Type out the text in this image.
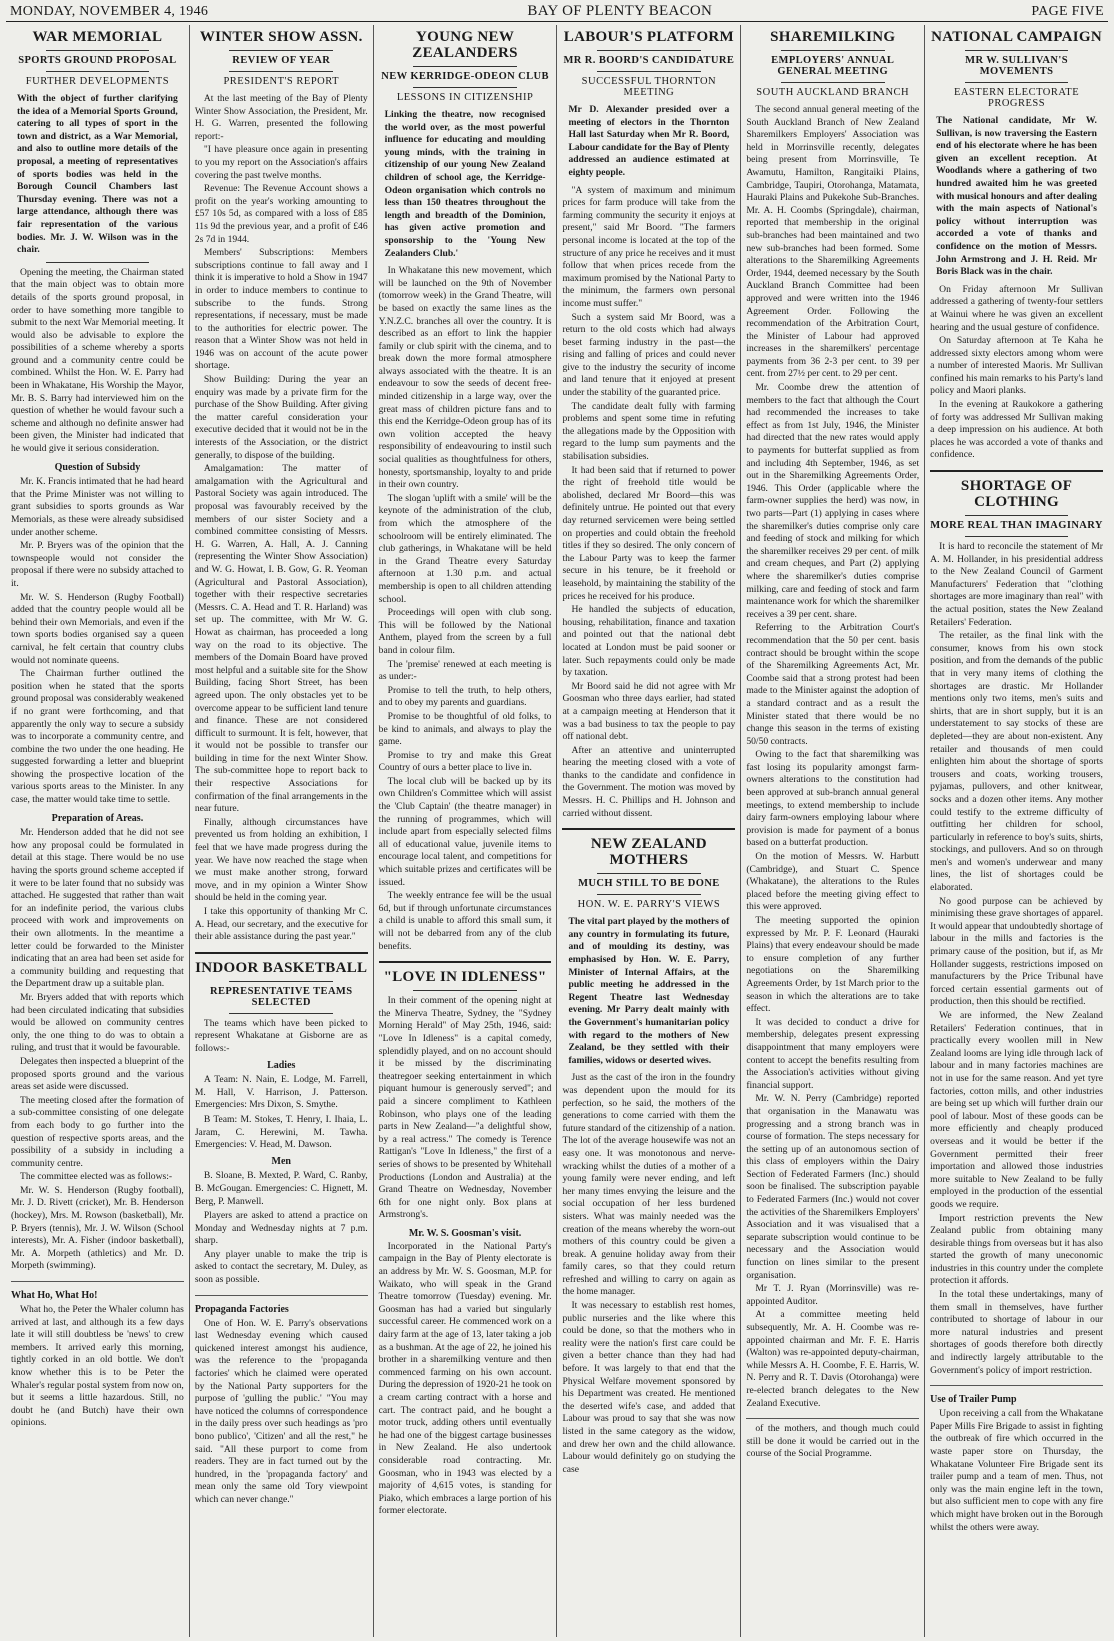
MONDAY, NOVEMBER 4, 1946	BAY OF PLENTY BEACON	PAGE FIVE
WAR MEMORIAL
SPORTS GROUND PROPOSAL
FURTHER DEVELOPMENTS
With the object of further clarifying the idea of a Memorial Sports Ground, catering to all types of sport in the town and district, as a War Memorial, and also to outline more details of the proposal, a meeting of representatives of sports bodies was held in the Borough Council Chambers last Thursday evening. There was not a large attendance, although there was fair representation of the various bodies. Mr. J. W. Wilson was in the chair.

Opening the meeting, the Chairman stated that the main object was to obtain more details of the sports ground proposal, in order to have something more tangible to submit to the next War Memorial meeting. It would also be advisable to explore the possibilities of a scheme whereby a sports ground and a community centre could be combined. Whilst the Hon. W. E. Parry had been in Whakatane, His Worship the Mayor, Mr. B. S. Barry had interviewed him on the question of whether he would favour such a scheme and although no definite answer had been given, the Minister had indicated that he would give it serious consideration.

Question of Subsidy

Mr. K. Francis intimated that he had heard that the Prime Minister was not willing to grant subsidies to sports grounds as War Memorials, as these were already subsidised under another scheme.

Mr. P. Bryers was of the opinion that the townspeople would not consider the proposal if there were no subsidy attached to it.

Mr. W. S. Henderson (Rugby Football) added that the country people would all be behind their own Memorials, and even if the town sports bodies organised say a queen carnival, he felt certain that country clubs would not nominate queens.

The Chairman further outlined the position when he stated that the sports ground proposal was considerably weakened if no grant were forthcoming, and that apparently the only way to secure a subsidy was to incorporate a community centre, and combine the two under the one heading. He suggested forwarding a letter and blueprint showing the prospective location of the various sports areas to the Minister. In any case, the matter would take time to settle.

Preparation of Areas.

Mr. Henderson added that he did not see how any proposal could be formulated in detail at this stage. There would be no use having the sports ground scheme accepted if it were to be later found that no subsidy was attached. He suggested that rather than wait for an indefinite period, the various clubs proceed with work and improvements on their own allotments. In the meantime a letter could be forwarded to the Minister indicating that an area had been set aside for a community building and requesting that the Department draw up a suitable plan.

Mr. Bryers added that with reports which had been circulated indicating that subsidies would be allowed on community centres only, the one thing to do was to obtain a ruling, and trust that it would be favourable.

Delegates then inspected a blueprint of the proposed sports ground and the various areas set aside were discussed.

The meeting closed after the formation of a sub-committee consisting of one delegate from each body to go further into the question of respective sports areas, and the possibility of a subsidy in including a community centre.

The committee elected was as follows:-

Mr. W. S. Henderson (Rugby football), Mr. J. D. Rivett (cricket), Mr. B. Henderson (hockey), Mrs. M. Rowson (basketball), Mr. P. Bryers (tennis), Mr. J. W. Wilson (School interests), Mr. A. Fisher (indoor basketball), Mr. A. Morpeth (athletics) and Mr. D. Morpeth (swimming).

What Ho, What Ho!

What ho, the Peter the Whaler column has arrived at last, and although its a few days late it will still doubtless be 'news' to crew members. It arrived early this morning, tightly corked in an old bottle. We don't know whether this is to be Peter the Whaler's regular postal system from now on, but it seems a little hazardous. Still, no doubt he (and Butch) have their own opinions.

WINTER SHOW ASSN.
REVIEW OF YEAR
PRESIDENT'S REPORT

At the last meeting of the Bay of Plenty Winter Show Association, the President, Mr. H. G. Warren, presented the following report:-

"I have pleasure once again in presenting to you my report on the Association's affairs covering the past twelve months.

Revenue: The Revenue Account shows a profit on the year's working amounting to £57 10s 5d, as compared with a loss of £85 11s 9d the previous year, and a profit of £46 2s 7d in 1944.

Members' Subscriptions: Members subscriptions continue to fall away and I think it is imperative to hold a Show in 1947 in order to induce members to continue to subscribe to the funds. Strong representations, if necessary, must be made to the authorities for electric power. The reason that a Winter Show was not held in 1946 was on account of the acute power shortage.

Show Building: During the year an enquiry was made by a private firm for the purchase of the Show Building. After giving the matter careful consideration your executive decided that it would not be in the interests of the Association, or the district generally, to dispose of the building.

Amalgamation: The matter of amalgamation with the Agricultural and Pastoral Society was again introduced. The proposal was favourably received by the members of our sister Society and a combined committee consisting of Messrs. H. G. Warren, A. Hall, A. J. Canning (representing the Winter Show Association) and W. G. Howat, I. B. Gow, G. R. Yeoman (Agricultural and Pastoral Association), together with their respective secretaries (Messrs. C. A. Head and T. R. Harland) was set up. The committee, with Mr W. G. Howat as chairman, has proceeded a long way on the road to its objective. The members of the Domain Board have proved most helpful and a suitable site for the Show Building, facing Short Street, has been agreed upon. The only obstacles yet to be overcome appear to be sufficient land tenure and finance. These are not considered difficult to surmount. It is felt, however, that it would not be possible to transfer our building in time for the next Winter Show. The sub-committee hope to report back to their respective Associations for confirmation of the final arrangements in the near future.

Finally, although circumstances have prevented us from holding an exhibition, I feel that we have made progress during the year. We have now reached the stage when we must make another strong, forward move, and in my opinion a Winter Show should be held in the coming year.

I take this opportunity of thanking Mr C. A. Head, our secretary, and the executive for their able assistance during the past year."

INDOOR BASKETBALL
REPRESENTATIVE TEAMS SELECTED

The teams which have been picked to represent Whakatane at Gisborne are as follows:-

Ladies
A Team: N. Nain, E. Lodge, M. Farrell, M. Hall, V. Harrison, J. Patterson. Emergencies: Mrs Dixon, S. Smythe.
B Team: M. Stokes, T. Henry, I. Ihaia, L. Jaram, C. Herewini, M. Tawha. Emergencies: V. Head, M. Dawson.
Men
B. Sloane, B. Mexted, P. Ward, C. Ranby, B. McGougan. Emergencies: C. Hignett, M. Berg, P. Manwell.

Players are asked to attend a practice on Monday and Wednesday nights at 7 p.m. sharp.

Any player unable to make the trip is asked to contact the secretary, M. Duley, as soon as possible.

Propaganda Factories

One of Hon. W. E. Parry's observations last Wednesday evening which caused quickened interest amongst his audience, was the reference to the 'propaganda factories' which he claimed were operated by the National Party supporters for the purpose of 'gulling the public.' "You may have noticed the columns of correspondence in the daily press over such headings as 'pro bono publico', 'Citizen' and all the rest," he said. "All these purport to come from readers. They are in fact turned out by the hundred, in the 'propaganda factory' and mean only the same old Tory viewpoint which can never change."

YOUNG NEW ZEALANDERS
NEW KERRIDGE-ODEON CLUB
LESSONS IN CITIZENSHIP
Linking the theatre, now recognised the world over, as the most powerful influence for educating and moulding young minds, with the training in citizenship of our young New Zealand children of school age, the Kerridge-Odeon organisation which controls no less than 150 theatres throughout the length and breadth of the Dominion, has given active promotion and sponsorship to the 'Young New Zealanders Club.'

In Whakatane this new movement, which will be launched on the 9th of November (tomorrow week) in the Grand Theatre, will be based on exactly the same lines as the Y.N.Z.C. branches all over the country. It is described as an effort to link the happier family or club spirit with the cinema, and to break down the more formal atmosphere always associated with the theatre. It is an endeavour to sow the seeds of decent free-minded citizenship in a large way, over the great mass of children picture fans and to this end the Kerridge-Odeon group has of its own volition accepted the heavy responsibility of endeavouring to instil such social qualities as thoughtfulness for others, honesty, sportsmanship, loyalty to and pride in their own country.

The slogan 'uplift with a smile' will be the keynote of the administration of the club, from which the atmosphere of the schoolroom will be entirely eliminated. The club gatherings, in Whakatane will be held in the Grand Theatre every Saturday afternoon at 1.30 p.m. and actual membership is open to all children attending school.

Proceedings will open with club song. This will be followed by the National Anthem, played from the screen by a full band in colour film.

The 'premise' renewed at each meeting is as under:-

Promise to tell the truth, to help others, and to obey my parents and guardians.

Promise to be thoughtful of old folks, to be kind to animals, and always to play the game.

Promise to try and make this Great Country of ours a better place to live in.

The local club will be backed up by its own Children's Committee which will assist the 'Club Captain' (the theatre manager) in the running of programmes, which will include apart from especially selected films all of educational value, juvenile items to encourage local talent, and competitions for which suitable prizes and certificates will be issued.

The weekly entrance fee will be the usual 6d, but if through unfortunate circumstances a child is unable to afford this small sum, it will not be debarred from any of the club benefits.

"LOVE IN IDLENESS"

In their comment of the opening night at the Minerva Theatre, Sydney, the "Sydney Morning Herald" of May 25th, 1946, said: "Love In Idleness" is a capital comedy, splendidly played, and on no account should it be missed by the discriminating theatregoer seeking entertainment in which piquant humour is generously served"; and paid a sincere compliment to Kathleen Robinson, who plays one of the leading parts in New Zealand—"a delightful show, by a real actress." The comedy is Terence Rattigan's "Love In Idleness," the first of a series of shows to be presented by Whitehall Productions (London and Australia) at the Grand Theatre on Wednesday, November 6th for one night only. Box plans at Armstrong's.

Mr. W. S. Goosman's visit.

Incorporated in the National Party's campaign in the Bay of Plenty electorate is an address by Mr. W. S. Goosman, M.P. for Waikato, who will speak in the Grand Theatre tomorrow (Tuesday) evening. Mr. Goosman has had a varied but singularly successful career. He commenced work on a dairy farm at the age of 13, later taking a job as a bushman. At the age of 22, he joined his brother in a sharemilking venture and then commenced farming on his own account. During the depression of 1920-21 he took on a cream carting contract with a horse and cart. The contract paid, and he bought a motor truck, adding others until eventually he had one of the biggest cartage businesses in New Zealand. He also undertook considerable road contracting. Mr. Goosman, who in 1943 was elected by a majority of 4,615 votes, is standing for Piako, which embraces a large portion of his former electorate.

LABOUR'S PLATFORM
MR R. BOORD'S CANDIDATURE
SUCCESSFUL THORNTON MEETING
Mr D. Alexander presided over a meeting of electors in the Thornton Hall last Saturday when Mr R. Boord, Labour candidate for the Bay of Plenty addressed an audience estimated at eighty people.

"A system of maximum and minimum prices for farm produce will take from the farming community the security it enjoys at present," said Mr Boord. "The farmers personal income is located at the top of the structure of any price he receives and it must follow that when prices recede from the maximum promised by the National Party to the minimum, the farmers own personal income must suffer."

Such a system said Mr Boord, was a return to the old costs which had always beset farming industry in the past—the rising and falling of prices and could never give to the industry the security of income and land tenure that it enjoyed at present under the stability of the guaranted price.

The candidate dealt fully with farming problems and spent some time in refuting the allegations made by the Opposition with regard to the lump sum payments and the stabilisation subsidies.

It had been said that if returned to power the right of freehold title would be abolished, declared Mr Boord—this was definitely untrue. He pointed out that every day returned servicemen were being settled on properties and could obtain the freehold titles if they so desired. The only concern of the Labour Party was to keep the farmer secure in his tenure, be it freehold or leasehold, by maintaining the stability of the prices he received for his produce.

He handled the subjects of education, housing, rehabilitation, finance and taxation and pointed out that the national debt located at London must be paid sooner or later. Such repayments could only be made by taxation.

Mr Boord said he did not agree with Mr Goosman who three days earlier, had stated at a campaign meeting at Henderson that it was a bad business to tax the people to pay off national debt.

After an attentive and uninterrupted hearing the meeting closed with a vote of thanks to the candidate and confidence in the Government. The motion was moved by Messrs. H. C. Phillips and H. Johnson and carried without dissent.

NEW ZEALAND MOTHERS
MUCH STILL TO BE DONE
HON. W. E. PARRY'S VIEWS
The vital part played by the mothers of any country in formulating its future, and of moulding its destiny, was emphasised by Hon. W. E. Parry, Minister of Internal Affairs, at the public meeting he addressed in the Regent Theatre last Wednesday evening. Mr Parry dealt mainly with the Government's humanitarian policy with regard to the mothers of New Zealand, be they settled with their families, widows or deserted wives.

Just as the cast of the iron in the foundry was dependent upon the mould for its perfection, so he said, the mothers of the generations to come carried with them the future standard of the citizenship of a nation. The lot of the average housewife was not an easy one. It was monotonous and nerve-wracking whilst the duties of a mother of a young family were never ending, and left her many times envying the leisure and the social occupation of her less burdened sisters. What was mainly needed was the creation of the means whereby the worn-out mothers of this country could be given a break. A genuine holiday away from their family cares, so that they could return refreshed and willing to carry on again as the home manager.

It was necessary to establish rest homes, public nurseries and the like where this could be done, so that the mothers who in reality were the nation's first care could be given a better chance than they had had before. It was largely to that end that the Physical Welfare movement sponsored by his Department was created. He mentioned the deserted wife's case, and added that Labour was proud to say that she was now listed in the same category as the widow, and drew her own and the child allowance. Labour would definitely go on studying the case

SHAREMILKING
EMPLOYERS' ANNUAL GENERAL MEETING
SOUTH AUCKLAND BRANCH

The second annual general meeting of the South Auckland Branch of New Zealand Sharemilkers Employers' Association was held in Morrinsville recently, delegates being present from Morrinsville, Te Awamutu, Hamilton, Rangitaiki Plains, Cambridge, Taupiri, Otorohanga, Matamata, Hauraki Plains and Pukekohe Sub-Branches. Mr. A. H. Coombs (Springdale), chairman, reported that membership in the original sub-branches had been maintained and two new sub-branches had been formed. Some alterations to the Sharemilking Agreements Order, 1944, deemed necessary by the South Auckland Branch Committee had been approved and were written into the 1946 Agreement Order. Following the recommendation of the Arbitration Court, the Minister of Labour had approved increases in the sharemilkers' percentage payments from 36 2-3 per cent. to 39 per cent. from 27½ per cent. to 29 per cent.

Mr. Coombe drew the attention of members to the fact that although the Court had recommended the increases to take effect as from 1st July, 1946, the Minister had directed that the new rates would apply to payments for butterfat supplied as from and including 4th September, 1946, as set out in the Sharemilking Agreements Order, 1946. This Order (applicable where the farm-owner supplies the herd) was now, in two parts—Part (1) applying in cases where the sharemilker's duties comprise only care and feeding of stock and milking for which the sharemilker receives 29 per cent. of milk and cream cheques, and Part (2) applying where the sharemilker's duties comprise milking, care and feeding of stock and farm maintenance work for which the sharemilker receives a 39 per cent. share.

Referring to the Arbitration Court's recommendation that the 50 per cent. basis contract should be brought within the scope of the Sharemilking Agreements Act, Mr. Coombe said that a strong protest had been made to the Minister against the adoption of a standard contract and as a result the Minister stated that there would be no change this season in the terms of existing 50/50 contracts.

Owing to the fact that sharemilking was fast losing its popularity amongst farm-owners alterations to the constitution had been approved at sub-branch annual general meetings, to extend membership to include dairy farm-owners employing labour where provision is made for payment of a bonus based on a butterfat production.

On the motion of Messrs. W. Harbutt (Cambridge), and Stuart C. Spence (Whakatane), the alterations to the Rules placed before the meeting giving effect to this were approved.

The meeting supported the opinion expressed by Mr. P. F. Leonard (Hauraki Plains) that every endeavour should be made to ensure completion of any further negotiations on the Sharemilking Agreements Order, by 1st March prior to the season in which the alterations are to take effect.

It was decided to conduct a drive for membership, delegates present expressing disappointment that many employers were content to accept the benefits resulting from the Association's activities without giving financial support.

Mr. W. N. Perry (Cambridge) reported that organisation in the Manawatu was progressing and a strong branch was in course of formation. The steps necessary for the setting up of an autonomous section of this class of employers within the Dairy Section of Federated Farmers (Inc.) should soon be finalised. The subscription payable to Federated Farmers (Inc.) would not cover the activities of the Sharemilkers Employers' Association and it was visualised that a separate subscription would continue to be necessary and the Association would function on lines similar to the present organisation.

Mr T. J. Ryan (Morrinsville) was re-appointed Auditor.

At a committee meeting held subsequently, Mr. A. H. Coombe was re-appointed chairman and Mr. F. E. Harris (Walton) was re-appointed deputy-chairman, while Messrs A. H. Coombe, F. E. Harris, W. N. Perry and R. T. Davis (Otorohanga) were re-elected branch delegates to the New Zealand Executive.

of the mothers, and though much could still be done it would be carried out in the course of the Social Programme.

NATIONAL CAMPAIGN
MR W. SULLIVAN'S MOVEMENTS
EASTERN ELECTORATE PROGRESS
The National candidate, Mr W. Sullivan, is now traversing the Eastern end of his electorate where he has been given an excellent reception. At Woodlands where a gathering of two hundred awaited him he was greeted with musical honours and after dealing with the main aspects of National's policy without interruption was accorded a vote of thanks and confidence on the motion of Messrs. John Armstrong and J. H. Reid. Mr Boris Black was in the chair.

On Friday afternoon Mr Sullivan addressed a gathering of twenty-four settlers at Wainui where he was given an excellent hearing and the usual gesture of confidence.

On Saturday afternoon at Te Kaha he addressed sixty electors among whom were a number of interested Maoris. Mr Sullivan confined his main remarks to his Party's land policy and Maori planks.

In the evening at Raukokore a gathering of forty was addressed Mr Sullivan making a deep impression on his audience. At both places he was accorded a vote of thanks and confidence.

SHORTAGE OF CLOTHING
MORE REAL THAN IMAGINARY

It is hard to reconcile the statement of Mr A. M. Hollander, in his presidential address to the New Zealand Council of Garment Manufacturers' Federation that "clothing shortages are more imaginary than real" with the actual position, states the New Zealand Retailers' Federation.

The retailer, as the final link with the consumer, knows from his own stock position, and from the demands of the public that in very many items of clothing the shortages are drastic. Mr Hollander mentions only two items, men's suits and shirts, that are in short supply, but it is an understatement to say stocks of these are depleted—they are about non-existent. Any retailer and thousands of men could enlighten him about the shortage of sports trousers and coats, working trousers, pyjamas, pullovers, and other knitwear, socks and a dozen other items. Any mother could testify to the extreme difficulty of outfitting her children for school, particularly in reference to boy's suits, shirts, stockings, and pullovers. And so on through men's and women's underwear and many lines, the list of shortages could be elaborated.

No good purpose can be achieved by minimising these grave shortages of apparel. It would appear that undoubtedly shortage of labour in the mills and factories is the primary cause of the position, but if, as Mr Hollander suggests, restrictions imposed on manufacturers by the Price Tribunal have forced certain essential garments out of production, then this should be rectified.

We are informed, the New Zealand Retailers' Federation continues, that in practically every woollen mill in New Zealand looms are lying idle through lack of labour and in many factories machines are not in use for the same reason. And yet tyre factories, cotton mills, and other industries are being set up which will further drain our pool of labour. Most of these goods can be more efficiently and cheaply produced overseas and it would be better if the Government permitted their freer importation and allowed those industries more suitable to New Zealand to be fully employed in the production of the essential goods we require.

Import restriction prevents the New Zealand public from obtaining many desirable things from overseas but it has also started the growth of many uneconomic industries in this country under the complete protection it affords.

In the total these undertakings, many of them small in themselves, have further contributed to shortage of labour in our more natural industries and present shortages of goods therefore both directly and indirectly largely attributable to the Government's policy of import restriction.

Use of Trailer Pump

Upon receiving a call from the Whakatane Paper Mills Fire Brigade to assist in fighting the outbreak of fire which occurred in the waste paper store on Thursday, the Whakatane Volunteer Fire Brigade sent its trailer pump and a team of men. Thus, not only was the main engine left in the town, but also sufficient men to cope with any fire which might have broken out in the Borough whilst the others were away.
